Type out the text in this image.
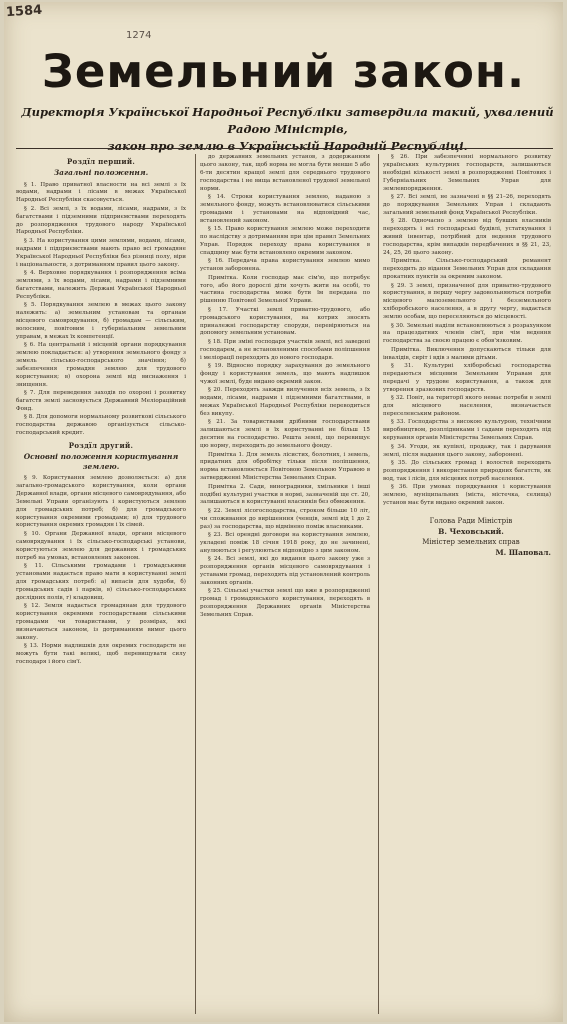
1584
1274
Земельний закон.
Директорія Української Народньої Республіки затвердила такий, ухвалений Радою Міністрів,
закон про землю в Українській Народній Республіці.

Роздїл перший.

Загальні положення.

§ 1. Право приватної власности на всі землі з їх водами, надрами і лісами в межах Української Народньої Республіки скасовується.

§ 2. Всі землі, з їх водами, лісами, надрами, з їх багатствами і підземними підприємствами переходять до розпорядження трудового народу Української Народньої Республіки.

§ 3. На користування цими землями, водами, лісами, надрами і підприємствами мають право всі громадяне Української Народньої Республіки без різниці полу, віри і національности, з дотриманням правил цього закону.

§ 4. Верховне порядкування і розпорядження всіма землями, з їх водами, лісами, надрами і підземними багатствами, належить Державі Української Народньої Республіки.

§ 5. Порядкування землею в межах цього закону належить: а) земельним установам та органам місцевого самоврядування, б) громадам — сільським, волосним, повітовим і губерніальним земельним управам, в межах їх компетенції.

§ 6. На центральній і місцевій органи порядкування землею покладається: а) утворення земельного фонду з земель сільсько-господарського значіння; б) забезпечення громадян землею для трудового користування; в) охорона землі від виснаження і знищення.

§ 7. Для переведення заходів по охороні і розвитку багатств землі засновується Державний Меліораційний Фонд.

§ 8. Для допомоги нормальному розвиткові сільського господарства державою організується сільсько-господарський кредит.

Роздїл другий.

Основні положення користування землею.

§ 9. Користування землею дозволяється: а) для загально-громадського користування, коли органи Державної влади, органи місцевого самоврядування, або Земельні Управи організують і користуються землею для громадських потреб; б) для громадського користування окремими громадами; в) для трудового користування окремих громадян і їх сімей.

§ 10. Органи Державної влади, органи місцевого самоврядування і їх сільсько-господарські установи, користуються землею для державних і громадських потреб на умовах, встановлених законом.

§ 11. Сільськими громадами і громадськими установами надається право мати в користуванні землі для громадських потреб: а) випасів для худоби, б) громадських садів і парків, в) сільсько-господарських дослідних полів, г) кладовищ.

§ 12. Земля надається громадянам для трудового користування окремими господарствами сільськими громадами чи товариствами, у розмірах, які визначаються законом, із дотриманням вимог цього закону.

§ 13. Норми надлишків для окремих господарств не можуть бути такі великі, щоб перевищувати силу господаря і його сім'ї.

до державних земельних установ, з додержанням цього закону, так, щоб норма не могла бути менше 5 або 6-ти десятин кращої землі для середнього трудового господарства і не вища встановленої трудової земельної норми.

§ 14. Строки користування землею, наданою з земельного фонду, можуть встановлюватися сільськими громадами і установами на відповідний час, встановлений законом.

§ 15. Право користування землею може переходити по наслідству з дотриманням при цім правил Земельних Управ. Порядок переходу права користування в спадщину має бути встановлено окремим законом.

§ 16. Передача права користування землею мимо установ заборонена.

Примітка. Коли господар має сім'ю, що потребує того, або його дорослі діти хочуть жити на особі, то частина господарства може бути їм передана по рішенню Повітової Земельної Управи.

§ 17. Участкі землі приватно-трудового, або громадського користування, на котрих зносять приналежні господарству споруди, перевіряються на допомогу земельним установам.

§ 18. При зміні господаря участків землі, всі заведені господарем, а не встановленими способами поліпшення і меліорації переходять до нового господаря.

§ 19. Відносно порядку зарахування до земельного фонду і користування земель, що мають надлишок чужої землі, буде видано окремий закон.

§ 20. Переходять завжди вилучення всіх земель, з їх водами, лісами, надрами і підземними багатствами, в межах Української Народньої Республіки переводиться без викупу.

§ 21. За товариствами дрібними господарствами залишаються землі в їх користуванні не більш 15 десятин на господарство. Решта землі, що перевищує цю норму, переходить до земельного фонду.

Примітка 1. Для земель лісистих, болотних, і земель, придатних для обробітку тільки після поліпшення, норма встановлюється Повітовою Земельною Управою в затвердженні Міністерства Земельних Справ.

Примітка 2. Сади, виноградники, хмільники і інші подібні культурні участки в нормі, зазначеній ще ст. 20, залишаються в користуванні власників без обмеження.

§ 22. Землі лісогосподарства, строком більше 10 літ, чи споживання до вирішенння (ченців, землі від 1 до 2 раз) за господарства, що відмінено поміж власниками.

§ 23. Всі орендні договори на користування землею, укладені поміж 18 січня 1918 року, до не зачинені, анулюються і регулюються відповідно з цим законом.

§ 24. Всі землі, які до видання цього закону уже з розпорядження органів місцевого самоврядування і уставами громад, переходять під установлений контроль законних органів.

§ 25. Сільські участки землі що вже в розпорядженні громад і громадянського користування, переходять в розпорядження Державних органів Міністерства Земельних Справ.

§ 26. При забезпеченні нормального розвитку українських культурних господарств, залишаються необхідні кількості землі в розпорядженні Повітових і Губерніальних Земельних Управ для землевпорядження.

§ 27. Всі землі, не зазначені в §§ 21–26, переходять до порядкування Земельних Управ і складають загальний земельний фонд Української Республіки.

§ 28. Одночасно з землею від бувших власників переходять і всі господарські будівлі, устаткування і живий інвентар, потрібний для ведення трудового господарства, крім випадків передбачених в §§ 21, 23, 24, 25, 26 цього закону.

Примітка. Сільсько-господарський реманент переходить до відання Земельних Управ для складання прокатних пунктів за окремим законом.

§ 29. З землі, призначеної для приватно-трудового користування, в першу чергу задовольняються потреби місцевого малоземельного і безземельного хліборобського населення, а в другу чергу, надається землю особам, що переселяються до місцевості.

§ 30. Земельні наділи встановлюються з розрахунком на працездатних членів сім'ї, при чім ведення господарства за своєю працею є обов'язковим.

Примітка. Виключення допускаються тільки для інвалідів, сиріт і вдів з малими дітьми.

§ 31. Культурні хліборобські господарства передаються місцевим Земельним Управам для передачі у трудове користування, а також для утворення зразкових господарств.

§ 32. Повіт, на території якого немає потреби в землі для місцевого населення, визначається переселенським районом.

§ 33. Господарства з високою культурою, технічним виробництвом, розплідниками і садами переходять під керування органів Міністерства Земельних Справ.

§ 34. Угоди, як купівлі, продажу, так і дарування землі, після надання цього закону, заборонені.

§ 35. До сільських громад і волостей переходить розпорядження і використання природних багатств, як вод, так і лісів, для місцевих потреб населення.

§ 36. При умовах порядкування і користування землею, муніципальних (міста, містечка, селища) установ має бути видано окремий закон.

Голова Ради Міністрів

В. Чеховський.

Міністер земельних справ

М. Шаповал.
